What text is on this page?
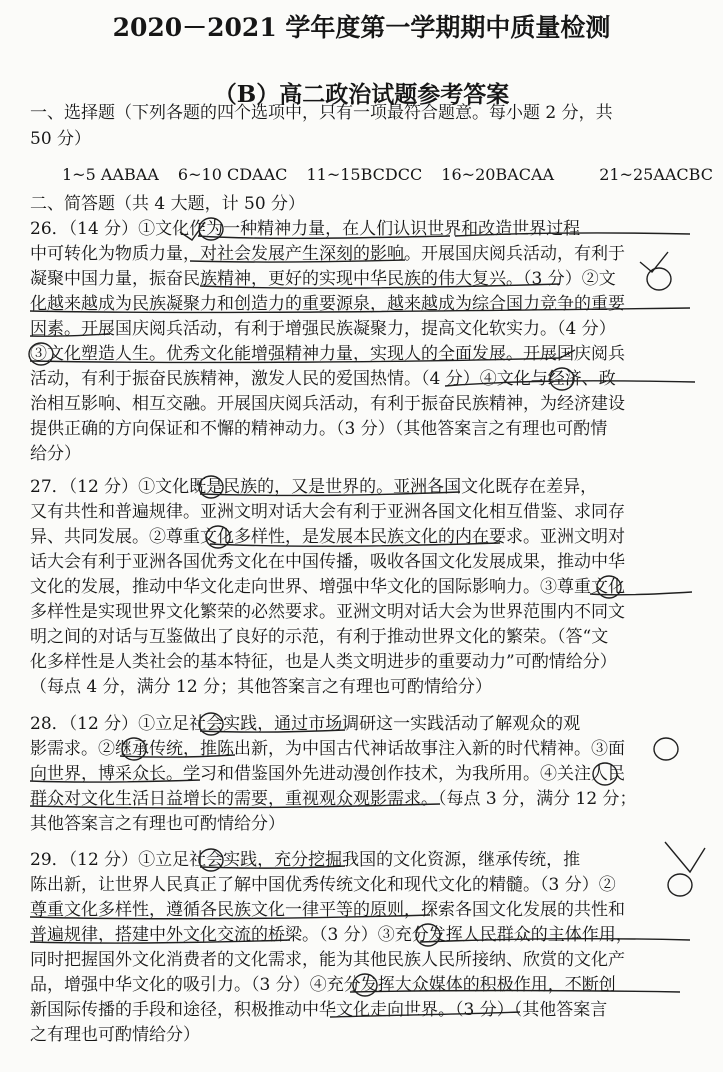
2020－2021 学年度第一学期期中质量检测
（B）高二政治试题参考答案
一、选择题（下列各题的四个选项中，只有一项最符合题意。每小题 2 分，共
50 分）
1~5 AABAA 6~10 CDAAC 11~15BCDCC 16~20BACAA	21~25AACBC
二、简答题（共 4 大题，计 50 分）
26．（14 分）①文化作为一种精神力量，在人们认识世界和改造世界过程
中可转化为物质力量，对社会发展产生深刻的影响。开展国庆阅兵活动，有利于
凝聚中国力量，振奋民族精神，更好的实现中华民族的伟大复兴。（3 分）②文
化越来越成为民族凝聚力和创造力的重要源泉，越来越成为综合国力竞争的重要
因素。开展国庆阅兵活动，有利于增强民族凝聚力，提高文化软实力。（4 分）
③文化塑造人生。优秀文化能增强精神力量，实现人的全面发展。开展国庆阅兵
活动，有利于振奋民族精神，激发人民的爱国热情。（4 分）④文化与经济、政
治相互影响、相互交融。开展国庆阅兵活动，有利于振奋民族精神，为经济建设
提供正确的方向保证和不懈的精神动力。（3 分）（其他答案言之有理也可酌情
给分）
27．（12 分）①文化既是民族的，又是世界的。亚洲各国文化既存在差异，
又有共性和普遍规律。亚洲文明对话大会有利于亚洲各国文化相互借鉴、求同存
异、共同发展。②尊重文化多样性，是发展本民族文化的内在要求。亚洲文明对
话大会有利于亚洲各国优秀文化在中国传播，吸收各国文化发展成果，推动中华
文化的发展，推动中华文化走向世界、增强中华文化的国际影响力。③尊重文化
多样性是实现世界文化繁荣的必然要求。亚洲文明对话大会为世界范围内不同文
明之间的对话与互鉴做出了良好的示范，有利于推动世界文化的繁荣。（答“文
化多样性是人类社会的基本特征，也是人类文明进步的重要动力”可酌情给分）
（每点 4 分，满分 12 分；其他答案言之有理也可酌情给分）
28．（12 分）①立足社会实践，通过市场调研这一实践活动了解观众的观
影需求。②继承传统，推陈出新，为中国古代神话故事注入新的时代精神。③面
向世界，博采众长。学习和借鉴国外先进动漫创作技术，为我所用。④关注人民
群众对文化生活日益增长的需要，重视观众观影需求。（每点 3 分，满分 12 分；
其他答案言之有理也可酌情给分）
29．（12 分）①立足社会实践，充分挖掘我国的文化资源，继承传统，推
陈出新，让世界人民真正了解中国优秀传统文化和现代文化的精髓。（3 分）②
尊重文化多样性，遵循各民族文化一律平等的原则，探索各国文化发展的共性和
普遍规律，搭建中外文化交流的桥梁。（3 分）③充分发挥人民群众的主体作用，
同时把握国外文化消费者的文化需求，能为其他民族人民所接纳、欣赏的文化产
品，增强中华文化的吸引力。（3 分）④充分发挥大众媒体的积极作用，不断创
新国际传播的手段和途径，积极推动中华文化走向世界。（3 分）（其他答案言
之有理也可酌情给分）
